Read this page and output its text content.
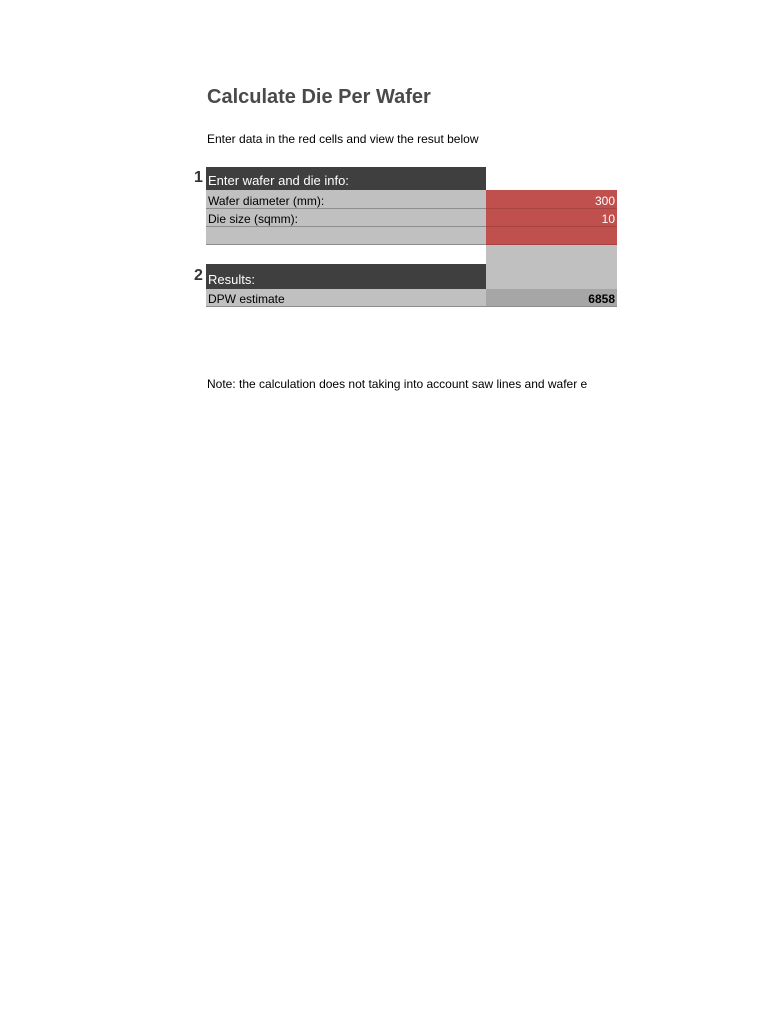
Calculate Die Per Wafer
Enter data in the red cells and view the resut below
1
2
Enter wafer and die info:
Wafer diameter (mm):	300
Die size (sqmm):	10
Results:
DPW estimate	6858
Note: the calculation does not taking into account saw lines and wafer e
